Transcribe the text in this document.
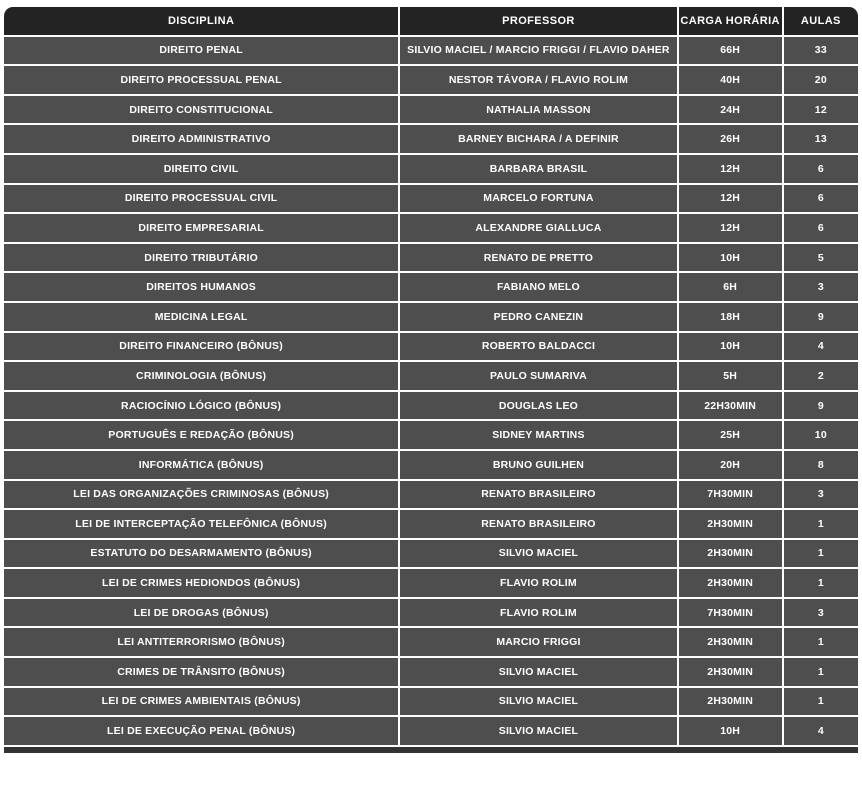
DISCIPLINA	PROFESSOR	CARGA HORÁRIA	AULAS
DIREITO PENAL	SILVIO MACIEL / MARCIO FRIGGI / FLAVIO DAHER	66H	33
DIREITO PROCESSUAL PENAL	NESTOR TÁVORA / FLAVIO ROLIM	40H	20
DIREITO CONSTITUCIONAL	NATHALIA MASSON	24H	12
DIREITO ADMINISTRATIVO	BARNEY BICHARA / A DEFINIR	26H	13
DIREITO CIVIL	BARBARA BRASIL	12H	6
DIREITO PROCESSUAL CIVIL	MARCELO FORTUNA	12H	6
DIREITO EMPRESARIAL	ALEXANDRE GIALLUCA	12H	6
DIREITO TRIBUTÁRIO	RENATO DE PRETTO	10H	5
DIREITOS HUMANOS	FABIANO MELO	6H	3
MEDICINA LEGAL	PEDRO CANEZIN	18H	9
DIREITO FINANCEIRO (BÔNUS)	ROBERTO BALDACCI	10H	4
CRIMINOLOGIA (BÔNUS)	PAULO SUMARIVA	5H	2
RACIOCÍNIO LÓGICO (BÔNUS)	DOUGLAS LEO	22H30MIN	9
PORTUGUÊS E REDAÇÃO (BÔNUS)	SIDNEY MARTINS	25H	10
INFORMÁTICA (BÔNUS)	BRUNO GUILHEN	20H	8
LEI DAS ORGANIZAÇÕES CRIMINOSAS (BÔNUS)	RENATO BRASILEIRO	7H30MIN	3
LEI DE INTERCEPTAÇÃO TELEFÔNICA (BÔNUS)	RENATO BRASILEIRO	2H30MIN	1
ESTATUTO DO DESARMAMENTO (BÔNUS)	SILVIO MACIEL	2H30MIN	1
LEI DE CRIMES HEDIONDOS (BÔNUS)	FLAVIO ROLIM	2H30MIN	1
LEI DE DROGAS (BÔNUS)	FLAVIO ROLIM	7H30MIN	3
LEI ANTITERRORISMO (BÔNUS)	MARCIO FRIGGI	2H30MIN	1
CRIMES DE TRÂNSITO (BÔNUS)	SILVIO MACIEL	2H30MIN	1
LEI DE CRIMES AMBIENTAIS (BÔNUS)	SILVIO MACIEL	2H30MIN	1
LEI DE EXECUÇÃO PENAL (BÔNUS)	SILVIO MACIEL	10H	4
